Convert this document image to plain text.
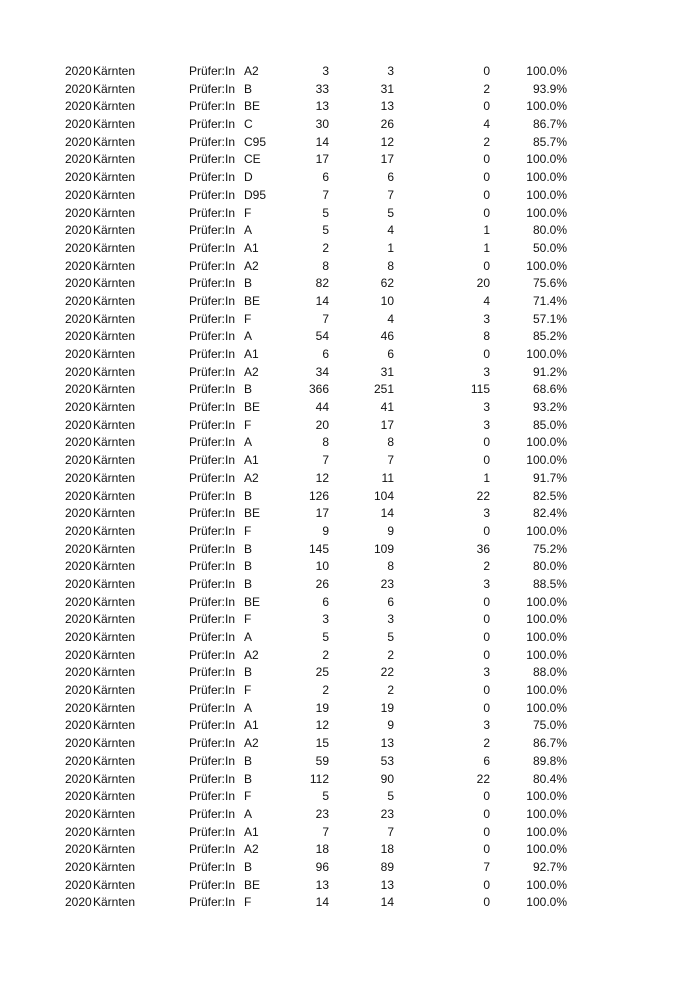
2020 Kärnten	Prüfer:In A2	3	3	0	100.0%
2020 Kärnten	Prüfer:In B	33	31	2	93.9%
2020 Kärnten	Prüfer:In BE	13	13	0	100.0%
2020 Kärnten	Prüfer:In C	30	26	4	86.7%
2020 Kärnten	Prüfer:In C95	14	12	2	85.7%
2020 Kärnten	Prüfer:In CE	17	17	0	100.0%
2020 Kärnten	Prüfer:In D	6	6	0	100.0%
2020 Kärnten	Prüfer:In D95	7	7	0	100.0%
2020 Kärnten	Prüfer:In F	5	5	0	100.0%
2020 Kärnten	Prüfer:In A	5	4	1	80.0%
2020 Kärnten	Prüfer:In A1	2	1	1	50.0%
2020 Kärnten	Prüfer:In A2	8	8	0	100.0%
2020 Kärnten	Prüfer:In B	82	62	20	75.6%
2020 Kärnten	Prüfer:In BE	14	10	4	71.4%
2020 Kärnten	Prüfer:In F	7	4	3	57.1%
2020 Kärnten	Prüfer:In A	54	46	8	85.2%
2020 Kärnten	Prüfer:In A1	6	6	0	100.0%
2020 Kärnten	Prüfer:In A2	34	31	3	91.2%
2020 Kärnten	Prüfer:In B	366	251	115	68.6%
2020 Kärnten	Prüfer:In BE	44	41	3	93.2%
2020 Kärnten	Prüfer:In F	20	17	3	85.0%
2020 Kärnten	Prüfer:In A	8	8	0	100.0%
2020 Kärnten	Prüfer:In A1	7	7	0	100.0%
2020 Kärnten	Prüfer:In A2	12	11	1	91.7%
2020 Kärnten	Prüfer:In B	126	104	22	82.5%
2020 Kärnten	Prüfer:In BE	17	14	3	82.4%
2020 Kärnten	Prüfer:In F	9	9	0	100.0%
2020 Kärnten	Prüfer:In B	145	109	36	75.2%
2020 Kärnten	Prüfer:In B	10	8	2	80.0%
2020 Kärnten	Prüfer:In B	26	23	3	88.5%
2020 Kärnten	Prüfer:In BE	6	6	0	100.0%
2020 Kärnten	Prüfer:In F	3	3	0	100.0%
2020 Kärnten	Prüfer:In A	5	5	0	100.0%
2020 Kärnten	Prüfer:In A2	2	2	0	100.0%
2020 Kärnten	Prüfer:In B	25	22	3	88.0%
2020 Kärnten	Prüfer:In F	2	2	0	100.0%
2020 Kärnten	Prüfer:In A	19	19	0	100.0%
2020 Kärnten	Prüfer:In A1	12	9	3	75.0%
2020 Kärnten	Prüfer:In A2	15	13	2	86.7%
2020 Kärnten	Prüfer:In B	59	53	6	89.8%
2020 Kärnten	Prüfer:In B	112	90	22	80.4%
2020 Kärnten	Prüfer:In F	5	5	0	100.0%
2020 Kärnten	Prüfer:In A	23	23	0	100.0%
2020 Kärnten	Prüfer:In A1	7	7	0	100.0%
2020 Kärnten	Prüfer:In A2	18	18	0	100.0%
2020 Kärnten	Prüfer:In B	96	89	7	92.7%
2020 Kärnten	Prüfer:In BE	13	13	0	100.0%
2020 Kärnten	Prüfer:In F	14	14	0	100.0%
